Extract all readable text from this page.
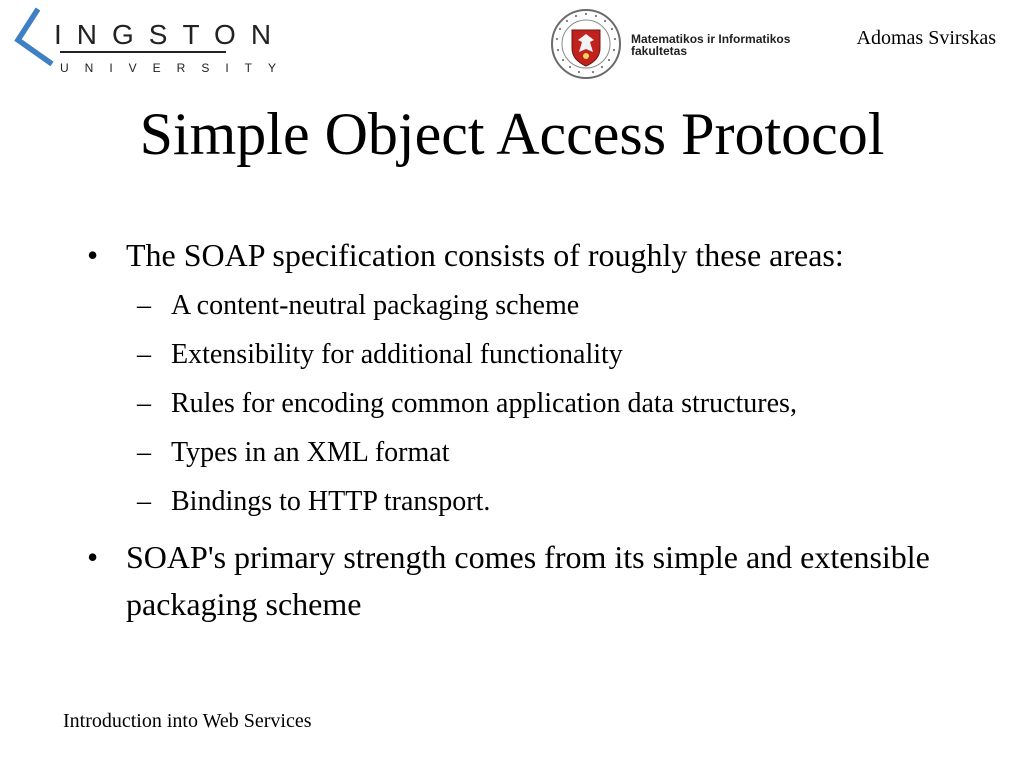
INGSTON
UNIVERSITY
Matematikos ir Informatikos
fakultetas
Adomas Svirskas
Simple Object Access Protocol
• The SOAP specification consists of roughly these areas:
– A content-neutral packaging scheme
– Extensibility for additional functionality
– Rules for encoding common application data structures,
– Types in an XML format
– Bindings to HTTP transport.
• SOAP's primary strength comes from its simple and extensible packaging scheme
Introduction into Web Services
